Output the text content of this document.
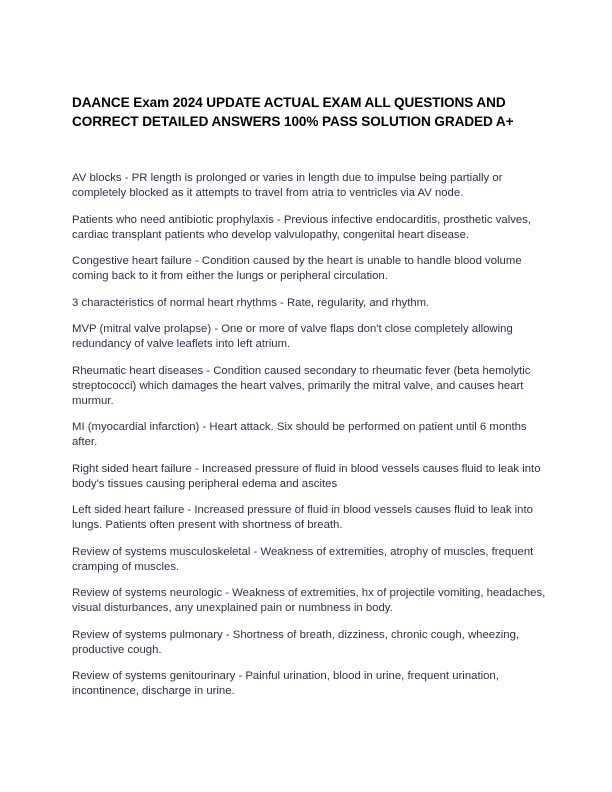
DAANCE Exam 2024 UPDATE ACTUAL EXAM ALL QUESTIONS AND CORRECT DETAILED ANSWERS 100% PASS SOLUTION GRADED A+

AV blocks - PR length is prolonged or varies in length due to impulse being partially or completely blocked as it attempts to travel from atria to ventricles via AV node.

Patients who need antibiotic prophylaxis - Previous infective endocarditis, prosthetic valves, cardiac transplant patients who develop valvulopathy, congenital heart disease.

Congestive heart failure - Condition caused by the heart is unable to handle blood volume coming back to it from either the lungs or peripheral circulation.

3 characteristics of normal heart rhythms - Rate, regularity, and rhythm.

MVP (mitral valve prolapse) - One or more of valve flaps don't close completely allowing redundancy of valve leaflets into left atrium.

Rheumatic heart diseases - Condition caused secondary to rheumatic fever (beta hemolytic streptococci) which damages the heart valves, primarily the mitral valve, and causes heart murmur.

MI (myocardial infarction) - Heart attack. Six should be performed on patient until 6 months after.

Right sided heart failure - Increased pressure of fluid in blood vessels causes fluid to leak into body's tissues causing peripheral edema and ascites

Left sided heart failure - Increased pressure of fluid in blood vessels causes fluid to leak into lungs. Patients often present with shortness of breath.

Review of systems musculoskeletal - Weakness of extremities, atrophy of muscles, frequent cramping of muscles.

Review of systems neurologic - Weakness of extremities, hx of projectile vomiting, headaches, visual disturbances, any unexplained pain or numbness in body.

Review of systems pulmonary - Shortness of breath, dizziness, chronic cough, wheezing, productive cough.

Review of systems genitourinary - Painful urination, blood in urine, frequent urination, incontinence, discharge in urine.
